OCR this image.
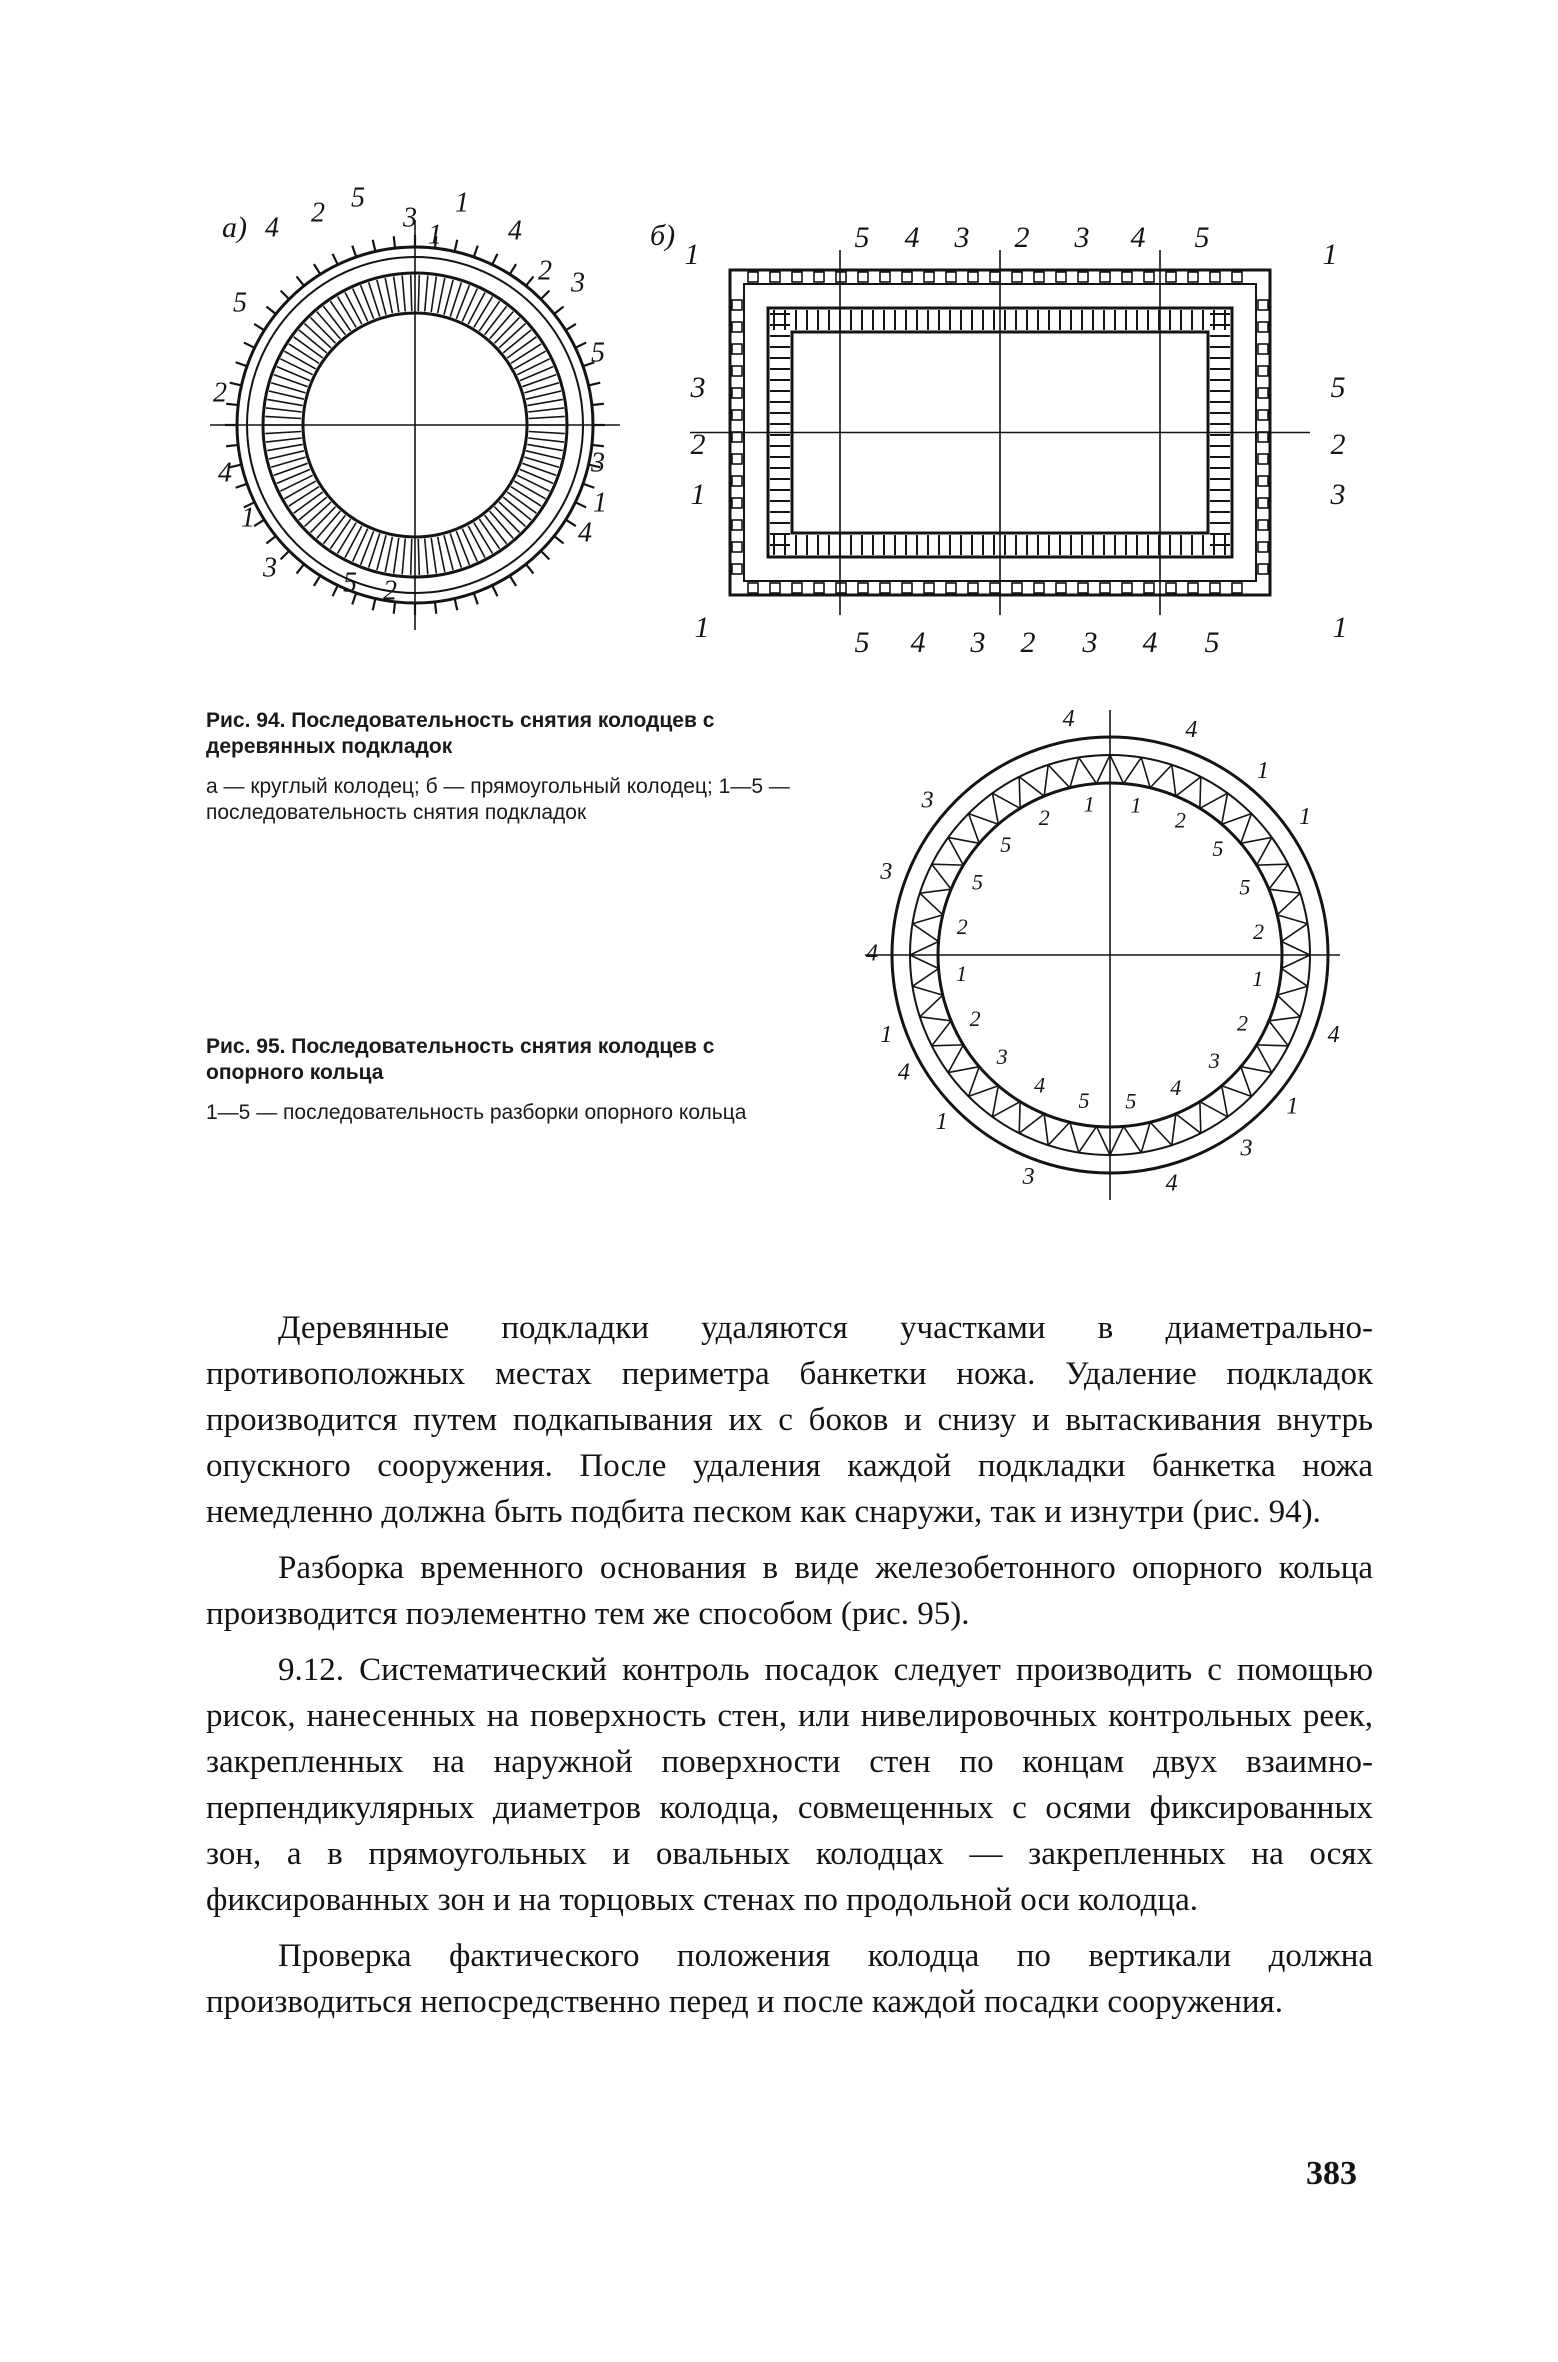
а) 4 2 5
3 1
1 4
3
2
5
5
2
3
4
1
1	4
3 5 2
б)
1
5 4 3 2 3 4 5
1
1	5 4 3 2 3 4 5	1
3
2
1
5
2
3
Рис. 94. Последовательность снятия колодцев с деревянных подкладок
а — круглый колодец; б — прямоугольный колодец; 1—5 — последовательность снятия подкладок
4	4
1
1
3
3
4
1
4
1
4
1
3
4
3
1
2
5
5
2
1
2
3
4
5
5
4
3
2
1
2
5
5
2
1
Рис. 95. Последовательность снятия колодцев с опорного кольца
1—5 — последовательность разборки опорного кольца

Деревянные подкладки удаляются участками в диаметрально-противоположных местах периметра банкетки ножа. Удаление подкладок производится путем подкапывания их с боков и снизу и вытаскивания внутрь опускного сооружения. После удаления каждой подкладки банкетка ножа немедленно должна быть подбита песком как снаружи, так и изнутри (рис. 94).

Разборка временного основания в виде железобетонного опорного кольца производится поэлементно тем же способом (рис. 95).

9.12. Систематический контроль посадок следует производить с помощью рисок, нанесенных на поверхность стен, или нивелировочных контрольных реек, закрепленных на наружной поверхности стен по концам двух взаимно-перпендикулярных диаметров колодца, совмещенных с осями фиксированных зон, а в прямоугольных и овальных колодцах — закрепленных на осях фиксированных зон и на торцовых стенах по продольной оси колодца.

Проверка фактического положения колодца по вертикали должна производиться непосредственно перед и после каждой посадки сооружения.

383
